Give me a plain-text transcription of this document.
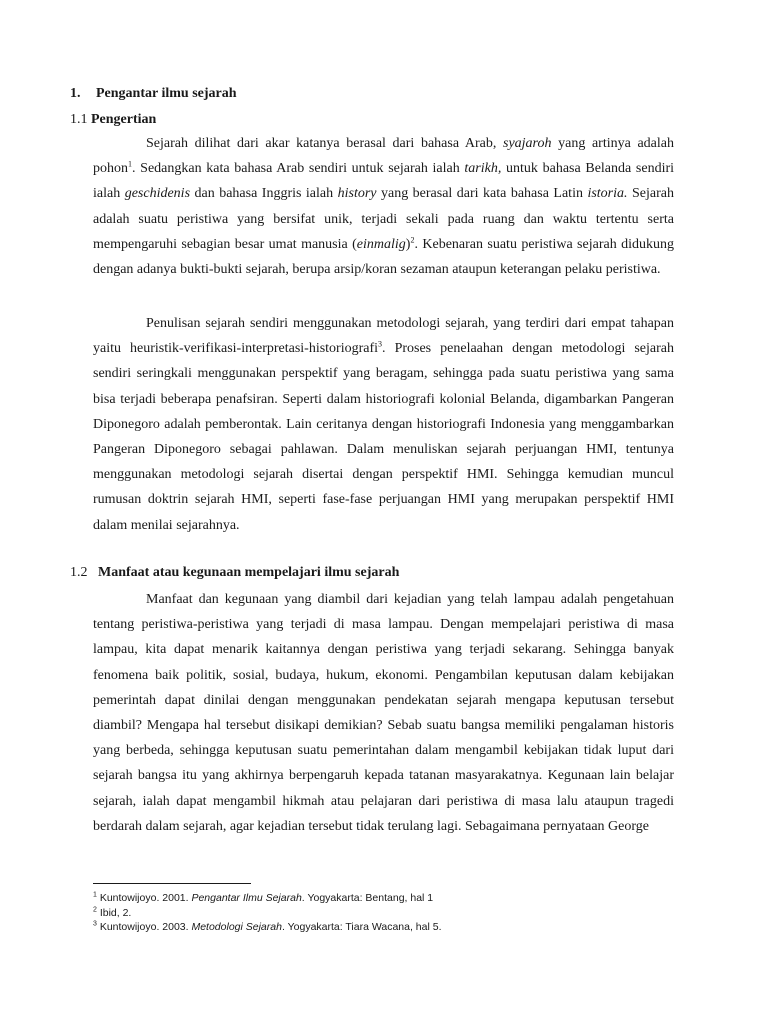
1. Pengantar ilmu sejarah
1.1 Pengertian

Sejarah dilihat dari akar katanya berasal dari bahasa Arab, syajaroh yang artinya adalah pohon$^1$. Sedangkan kata bahasa Arab sendiri untuk sejarah ialah tarikh, untuk bahasa Belanda sendiri ialah geschidenis dan bahasa Inggris ialah history yang berasal dari kata bahasa Latin istoria. Sejarah adalah suatu peristiwa yang bersifat unik, terjadi sekali pada ruang dan waktu tertentu serta mempengaruhi sebagian besar umat manusia (einmalig)$^2$. Kebenaran suatu peristiwa sejarah didukung dengan adanya bukti-bukti sejarah, berupa arsip/koran sezaman ataupun keterangan pelaku peristiwa.

Penulisan sejarah sendiri menggunakan metodologi sejarah, yang terdiri dari empat tahapan yaitu heuristik-verifikasi-interpretasi-historiografi$^3$. Proses penelaahan dengan metodologi sejarah sendiri seringkali menggunakan perspektif yang beragam, sehingga pada suatu peristiwa yang sama bisa terjadi beberapa penafsiran. Seperti dalam historiografi kolonial Belanda, digambarkan Pangeran Diponegoro adalah pemberontak. Lain ceritanya dengan historiografi Indonesia yang menggambarkan Pangeran Diponegoro sebagai pahlawan. Dalam menuliskan sejarah perjuangan HMI, tentunya menggunakan metodologi sejarah disertai dengan perspektif HMI. Sehingga kemudian muncul rumusan doktrin sejarah HMI, seperti fase-fase perjuangan HMI yang merupakan perspektif HMI dalam menilai sejarahnya.

1.2 Manfaat atau kegunaan mempelajari ilmu sejarah

Manfaat dan kegunaan yang diambil dari kejadian yang telah lampau adalah pengetahuan tentang peristiwa-peristiwa yang terjadi di masa lampau. Dengan mempelajari peristiwa di masa lampau, kita dapat menarik kaitannya dengan peristiwa yang terjadi sekarang. Sehingga banyak fenomena baik politik, sosial, budaya, hukum, ekonomi. Pengambilan keputusan dalam kebijakan pemerintah dapat dinilai dengan menggunakan pendekatan sejarah mengapa keputusan tersebut diambil? Mengapa hal tersebut disikapi demikian? Sebab suatu bangsa memiliki pengalaman historis yang berbeda, sehingga keputusan suatu pemerintahan dalam mengambil kebijakan tidak luput dari sejarah bangsa itu yang akhirnya berpengaruh kepada tatanan masyarakatnya. Kegunaan lain belajar sejarah, ialah dapat mengambil hikmah atau pelajaran dari peristiwa di masa lalu ataupun tragedi berdarah dalam sejarah, agar kejadian tersebut tidak terulang lagi. Sebagaimana pernyataan George

$^1$ Kuntowijoyo. 2001. Pengantar Ilmu Sejarah. Yogyakarta: Bentang, hal 1
$^2$ Ibid, 2.
$^3$ Kuntowijoyo. 2003. Metodologi Sejarah. Yogyakarta: Tiara Wacana, hal 5.
